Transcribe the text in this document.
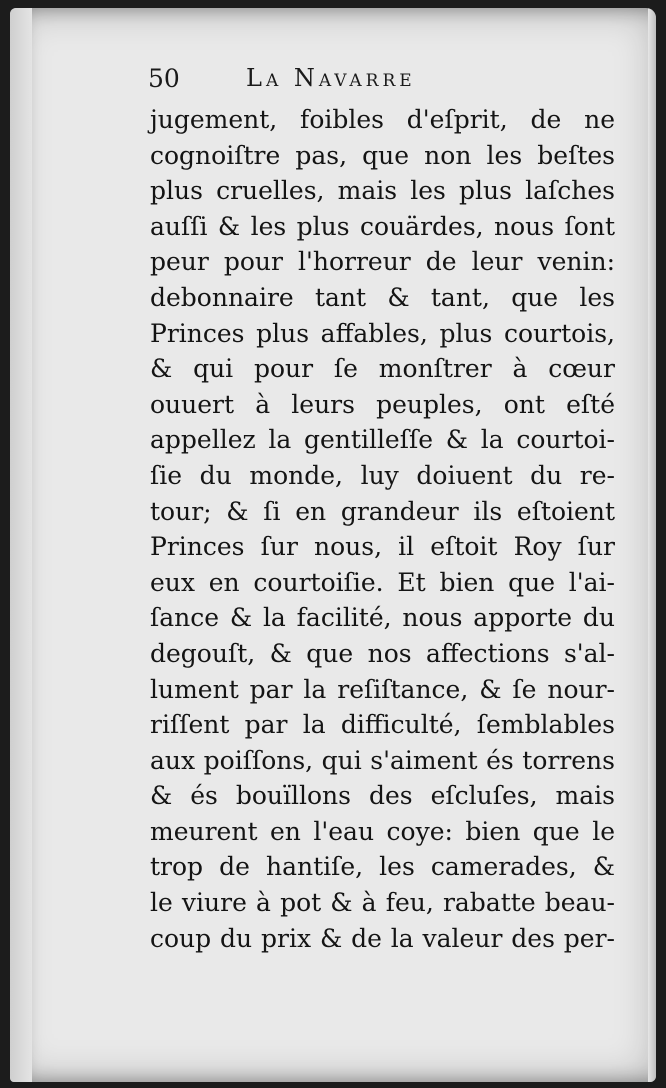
50	La Navarre
jugement, foibles d'eſprit, de ne
cognoiſtre pas, que non les beſtes
plus cruelles, mais les plus laſches
auſſi & les plus couärdes, nous ſont
peur pour l'horreur de leur venin:
debonnaire tant & tant, que les
Princes plus affables, plus courtois,
& qui pour ſe monſtrer à cœur
ouuert à leurs peuples, ont eſté
appellez la gentilleſſe & la courtoi-
ſie du monde, luy doiuent du re-
tour; & ſi en grandeur ils eſtoient
Princes ſur nous, il eſtoit Roy ſur
eux en courtoiſie. Et bien que l'ai-
ſance & la facilité, nous apporte du
degouſt, & que nos affections s'al-
lument par la reſiſtance, & ſe nour-
riſſent par la difficulté, ſemblables
aux poiſſons, qui s'aiment és torrens
& és bouïllons des eſcluſes, mais
meurent en l'eau coye: bien que le
trop de hantiſe, les camerades, &
le viure à pot & à feu, rabatte beau-
coup du prix & de la valeur des per-
